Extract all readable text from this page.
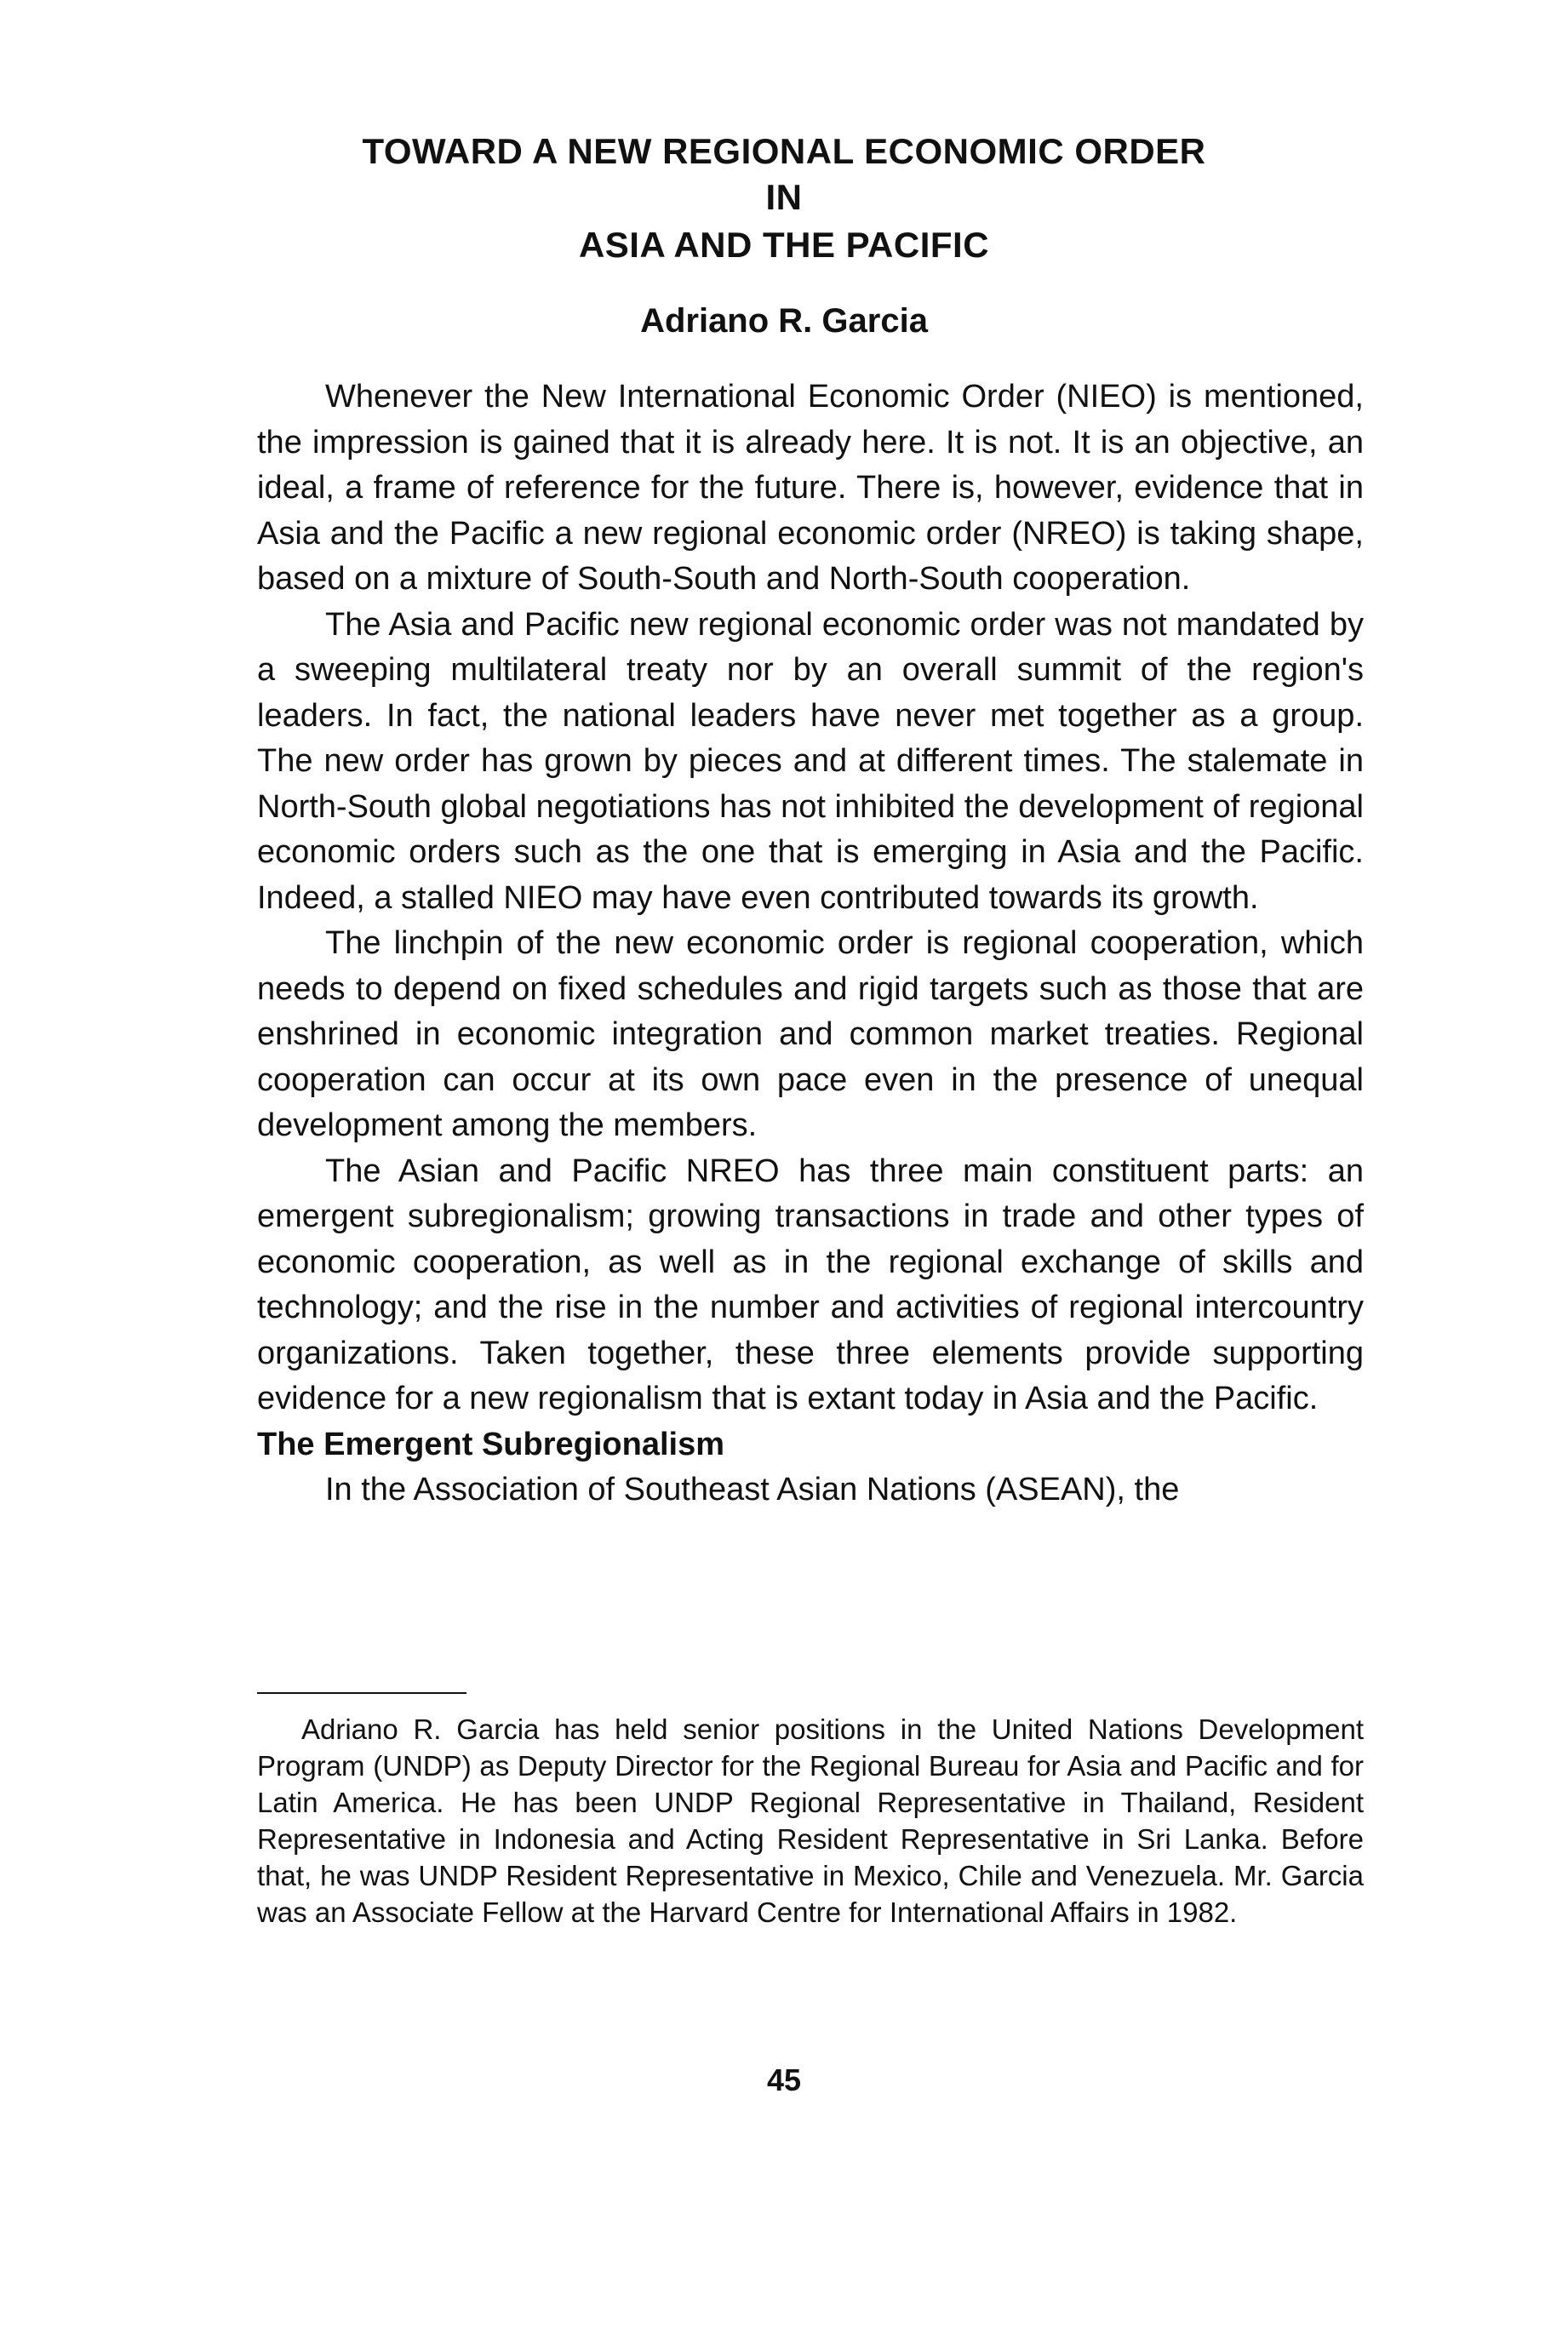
TOWARD A NEW REGIONAL ECONOMIC ORDER
IN
ASIA AND THE PACIFIC
Adriano R. Garcia

Whenever the New International Economic Order (NIEO) is mentioned, the impression is gained that it is already here. It is not. It is an objective, an ideal, a frame of reference for the future. There is, however, evidence that in Asia and the Pacific a new regional economic order (NREO) is taking shape, based on a mixture of South-South and North-South cooperation.

The Asia and Pacific new regional economic order was not mandated by a sweeping multilateral treaty nor by an overall summit of the region's leaders. In fact, the national leaders have never met together as a group. The new order has grown by pieces and at different times. The stalemate in North-South global negotiations has not inhibited the development of regional economic orders such as the one that is emerging in Asia and the Pacific. Indeed, a stalled NIEO may have even contributed towards its growth.

The linchpin of the new economic order is regional cooperation, which needs to depend on fixed schedules and rigid targets such as those that are enshrined in economic integration and common market treaties. Regional cooperation can occur at its own pace even in the presence of unequal development among the members.

The Asian and Pacific NREO has three main constituent parts: an emergent subregionalism; growing transactions in trade and other types of economic cooperation, as well as in the regional exchange of skills and technology; and the rise in the number and activities of regional intercountry organizations. Taken together, these three elements provide supporting evidence for a new regionalism that is extant today in Asia and the Pacific.

The Emergent Subregionalism

In the Association of Southeast Asian Nations (ASEAN), the

Adriano R. Garcia has held senior positions in the United Nations Development Program (UNDP) as Deputy Director for the Regional Bureau for Asia and Pacific and for Latin America. He has been UNDP Regional Representative in Thailand, Resident Representative in Indonesia and Acting Resident Representative in Sri Lanka. Before that, he was UNDP Resident Representative in Mexico, Chile and Venezuela. Mr. Garcia was an Associate Fellow at the Harvard Centre for International Affairs in 1982.
45
